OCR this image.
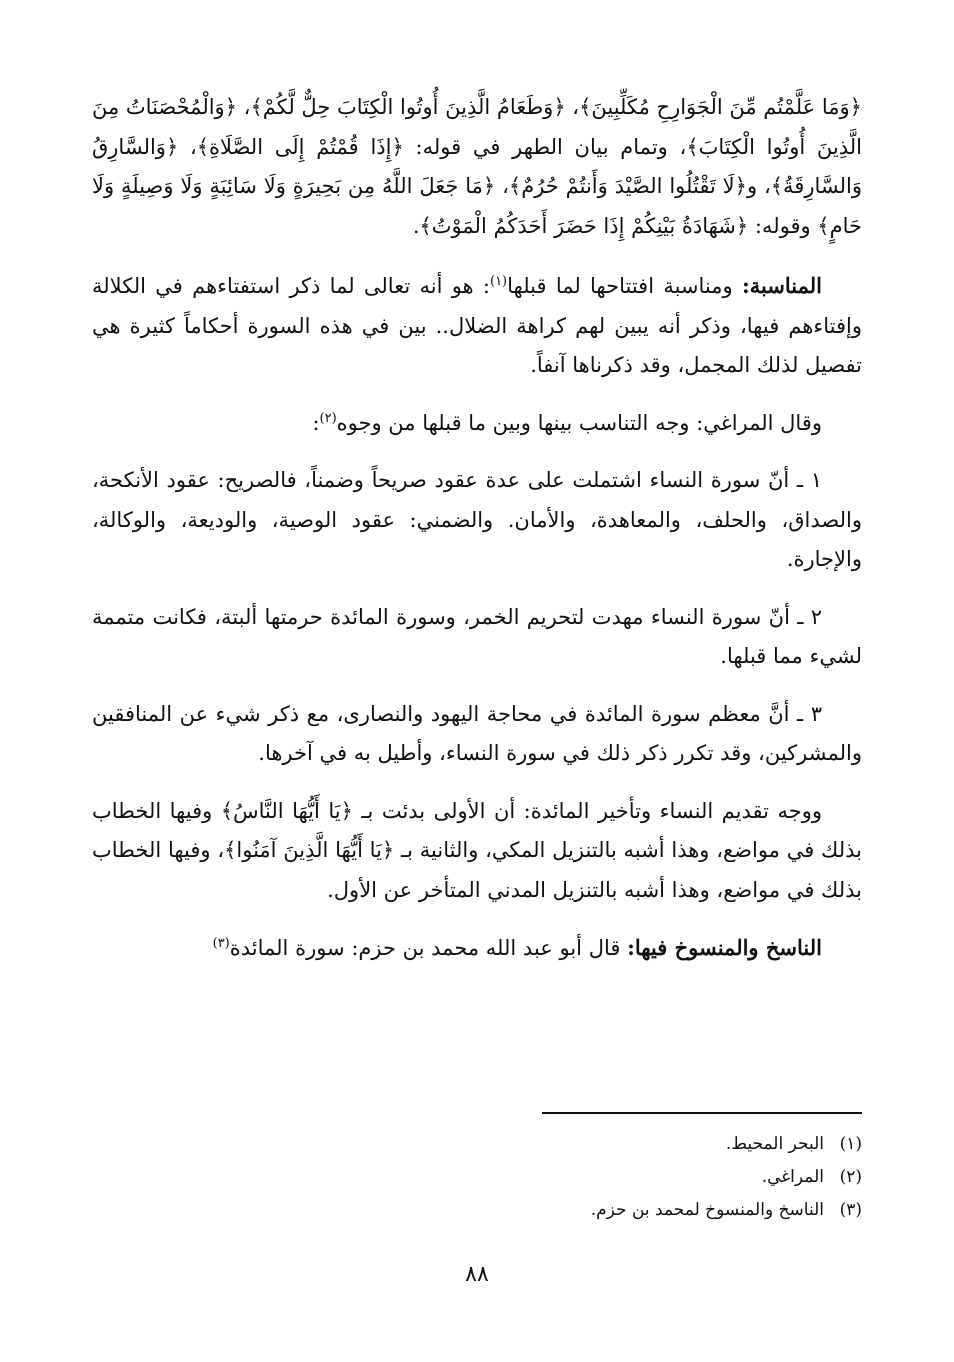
﴿وَمَا عَلَّمْتُم مِّنَ الْجَوَارِحِ مُكَلِّبِينَ﴾، ﴿وَطَعَامُ الَّذِينَ أُوتُوا الْكِتَابَ حِلٌّ لَّكُمْ﴾، ﴿وَالْمُحْصَنَاتُ مِنَ الَّذِينَ أُوتُوا الْكِتَابَ﴾، وتمام بيان الطهر في قوله: ﴿إِذَا قُمْتُمْ إِلَى الصَّلَاةِ﴾، ﴿وَالسَّارِقُ وَالسَّارِقَةُ﴾، و﴿لَا تَقْتُلُوا الصَّيْدَ وَأَنتُمْ حُرُمٌ﴾، ﴿مَا جَعَلَ اللَّهُ مِن بَحِيرَةٍ وَلَا سَائِبَةٍ وَلَا وَصِيلَةٍ وَلَا حَامٍ﴾ وقوله: ﴿شَهَادَةُ بَيْنِكُمْ إِذَا حَضَرَ أَحَدَكُمُ الْمَوْتُ﴾.

المناسبة: ومناسبة افتتاحها لما قبلها$^{(١)}$: هو أنه تعالى لما ذكر استفتاءهم في الكلالة وإفتاءهم فيها، وذكر أنه يبين لهم كراهة الضلال.. بين في هذه السورة أحكاماً كثيرة هي تفصيل لذلك المجمل، وقد ذكرناها آنفاً.

وقال المراغي: وجه التناسب بينها وبين ما قبلها من وجوه$^{(٢)}$:

١ ـ أنّ سورة النساء اشتملت على عدة عقود صريحاً وضمناً، فالصريح: عقود الأنكحة، والصداق، والحلف، والمعاهدة، والأمان. والضمني: عقود الوصية، والوديعة، والوكالة، والإجارة.

٢ ـ أنّ سورة النساء مهدت لتحريم الخمر، وسورة المائدة حرمتها ألبتة، فكانت متممة لشيء مما قبلها.

٣ ـ أنَّ معظم سورة المائدة في محاجة اليهود والنصارى، مع ذكر شيء عن المنافقين والمشركين، وقد تكرر ذكر ذلك في سورة النساء، وأطيل به في آخرها.

ووجه تقديم النساء وتأخير المائدة: أن الأولى بدئت بـ ﴿يَا أَيُّهَا النَّاسُ﴾ وفيها الخطاب بذلك في مواضع، وهذا أشبه بالتنزيل المكي، والثانية بـ ﴿يَا أَيُّهَا الَّذِينَ آمَنُوا﴾، وفيها الخطاب بذلك في مواضع، وهذا أشبه بالتنزيل المدني المتأخر عن الأول.

الناسخ والمنسوخ فيها: قال أبو عبد الله محمد بن حزم: سورة المائدة$^{(٣)}$

(١)البحر المحيط.
(٢)المراغي.
(٣)الناسخ والمنسوخ لمحمد بن حزم.
٨٨
